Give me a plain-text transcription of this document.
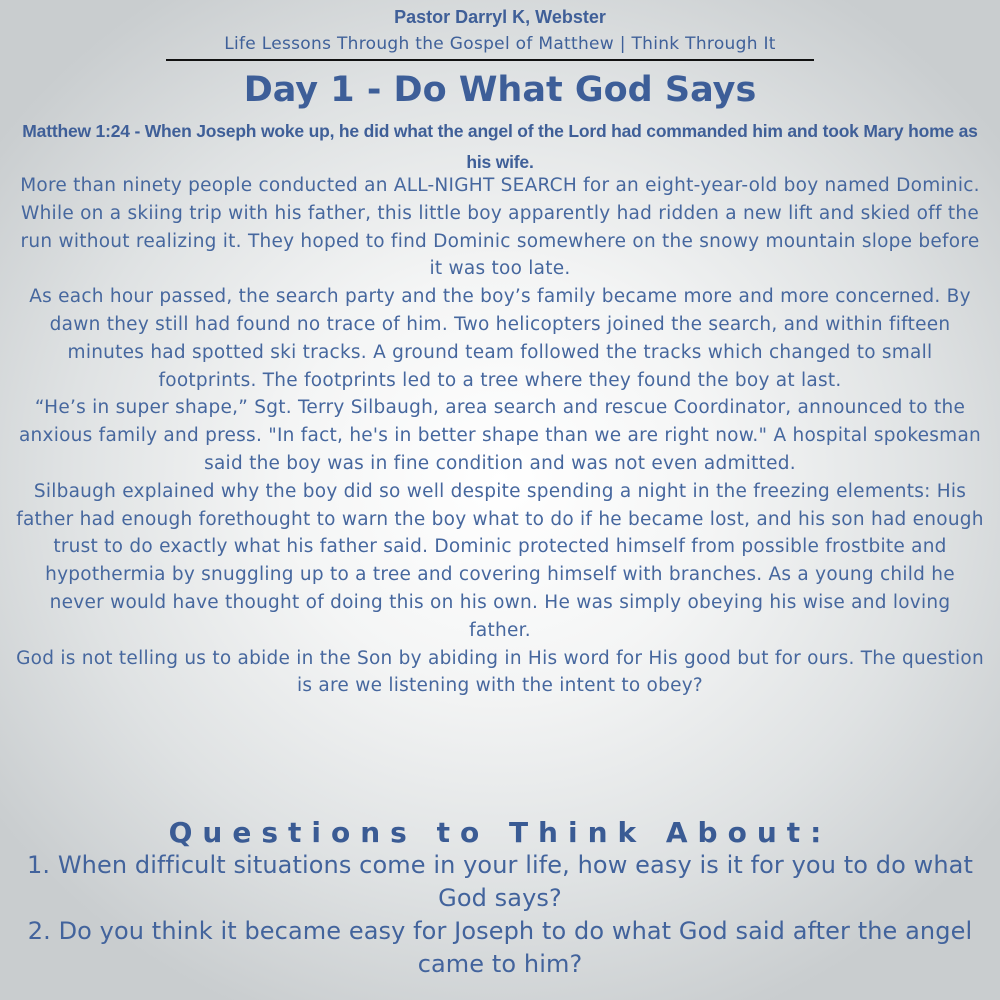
Pastor Darryl K, Webster
Life Lessons Through the Gospel of Matthew | Think Through It
Day 1 - Do What God Says
Matthew 1:24 - When Joseph woke up, he did what the angel of the Lord had commanded him and took Mary home as his wife.

More than ninety people conducted an ALL-NIGHT SEARCH for an eight-year-old boy named Dominic. While on a skiing trip with his father, this little boy apparently had ridden a new lift and skied off the run without realizing it. They hoped to find Dominic somewhere on the snowy mountain slope before it was too late.

As each hour passed, the search party and the boy’s family became more and more concerned. By dawn they still had found no trace of him. Two helicopters joined the search, and within fifteen minutes had spotted ski tracks. A ground team followed the tracks which changed to small footprints. The footprints led to a tree where they found the boy at last.

“He’s in super shape,” Sgt. Terry Silbaugh, area search and rescue Coordinator, announced to the anxious family and press. "In fact, he's in better shape than we are right now." A hospital spokesman said the boy was in fine condition and was not even admitted.

Silbaugh explained why the boy did so well despite spending a night in the freezing elements: His father had enough forethought to warn the boy what to do if he became lost, and his son had enough trust to do exactly what his father said. Dominic protected himself from possible frostbite and hypothermia by snuggling up to a tree and covering himself with branches. As a young child he never would have thought of doing this on his own. He was simply obeying his wise and loving father.

God is not telling us to abide in the Son by abiding in His word for His good but for ours. The question is are we listening with the intent to obey?

Questions to Think About:

1. When difficult situations come in your life, how easy is it for you to do what God says?

2. Do you think it became easy for Joseph to do what God said after the angel came to him?
